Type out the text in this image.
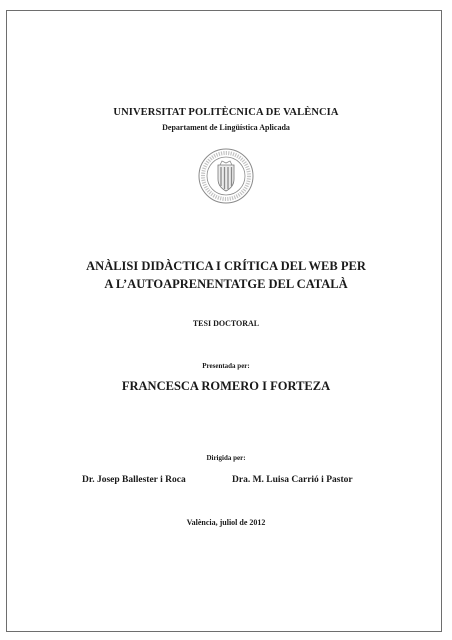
UNIVERSITAT POLITÈCNICA DE VALÈNCIA
Departament de Lingüística Aplicada
ANÀLISI DIDÀCTICA I CRÍTICA DEL WEB PER
A L’AUTOAPRENENTATGE DEL CATALÀ
TESI DOCTORAL
Presentada per:
FRANCESCA ROMERO I FORTEZA
Dirigida per:
Dr. Josep Ballester i Roca	Dra. M. Luisa Carrió i Pastor
València, juliol de 2012
